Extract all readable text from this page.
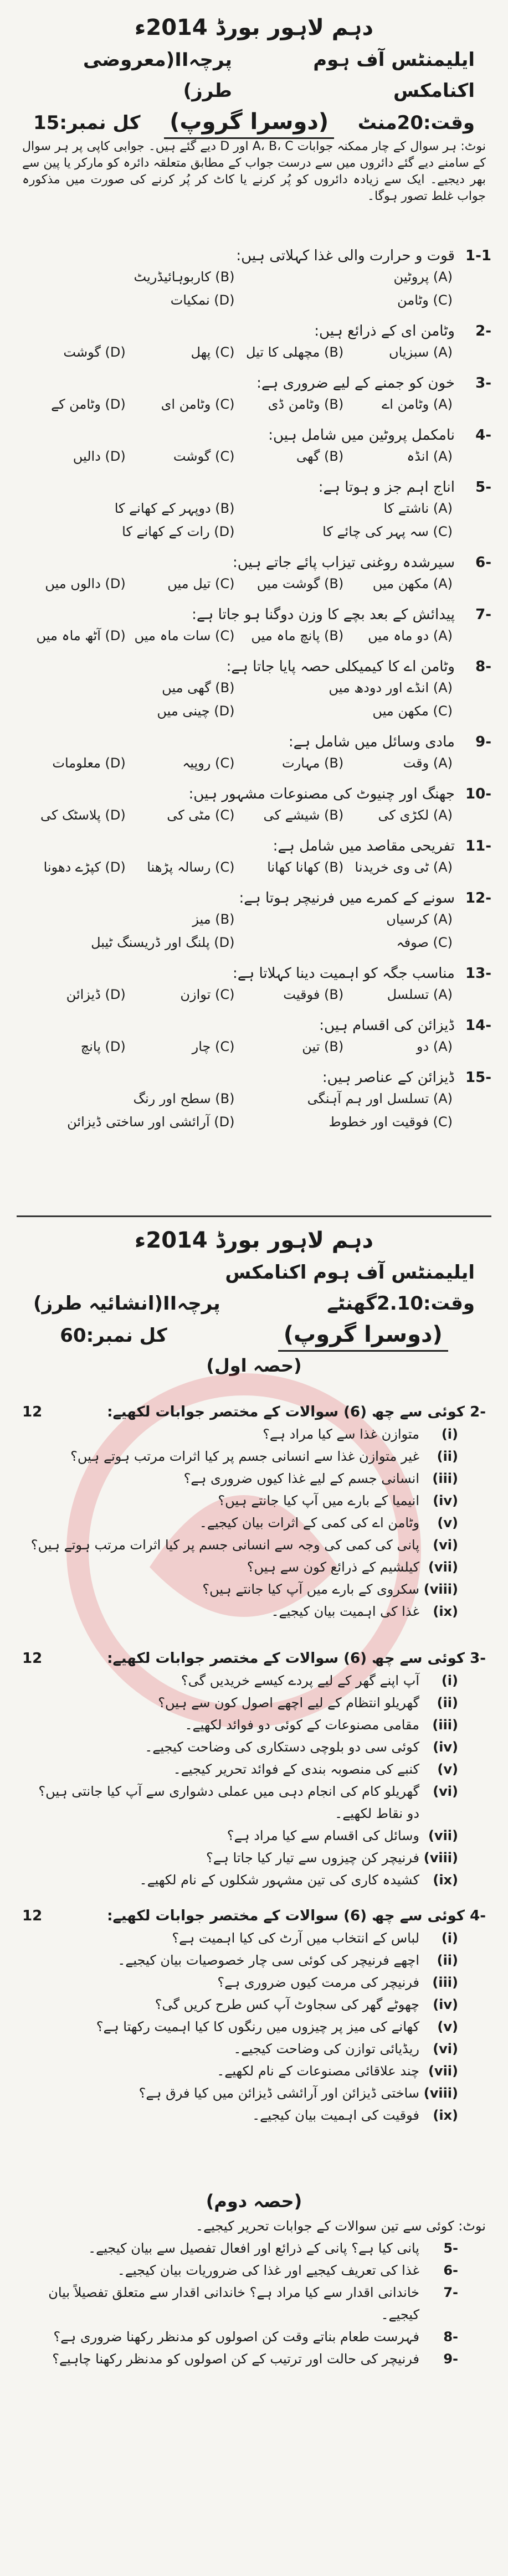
دہم لاہور بورڈ 2014ء
ایلیمنٹس آف ہوم اکنامکس
پرچہII(معروضی طرز)
وقت:20منٹ
(دوسرا گروپ)
کل نمبر:15
نوٹ: ہر سوال کے چار ممکنہ جوابات A، B، C اور D دیے گئے ہیں۔ جوابی کاپی پر ہر سوال کے سامنے دیے گئے دائروں میں سے درست جواب کے مطابق متعلقہ دائرہ کو مارکر یا پین سے بھر دیجیے۔ ایک سے زیادہ دائروں کو پُر کرنے یا کاٹ کر پُر کرنے کی صورت میں مذکورہ جواب غلط تصور ہوگا۔
1-1
قوت و حرارت والی غذا کہلاتی ہیں:
(A) پروٹین
(B) کاربوہائیڈریٹ
(C) وٹامن
(D) نمکیات
-2
وٹامن ای کے ذرائع ہیں:
(A) سبزیاں
(B) مچھلی کا تیل
(C) پھل
(D) گوشت
-3
خون کو جمنے کے لیے ضروری ہے:
(A) وٹامن اے
(B) وٹامن ڈی
(C) وٹامن ای
(D) وٹامن کے
-4
نامکمل پروٹین میں شامل ہیں:
(A) انڈہ
(B) گھی
(C) گوشت
(D) دالیں
-5
اناج اہم جز و ہوتا ہے:
(A) ناشتے کا
(B) دوپہر کے کھانے کا
(C) سہ پہر کی چائے کا
(D) رات کے کھانے کا
-6
سیرشدہ روغنی تیزاب پائے جاتے ہیں:
(A) مکھن میں
(B) گوشت میں
(C) تیل میں
(D) دالوں میں
-7
پیدائش کے بعد بچے کا وزن دوگنا ہو جاتا ہے:
(A) دو ماہ میں
(B) پانچ ماہ میں
(C) سات ماہ میں
(D) آٹھ ماہ میں
-8
وٹامن اے کا کیمیکلی حصہ پایا جاتا ہے:
(A) انڈے اور دودھ میں
(B) گھی میں
(C) مکھن میں
(D) چینی میں
-9
مادی وسائل میں شامل ہے:
(A) وقت
(B) مہارت
(C) روپیہ
(D) معلومات
-10
جھنگ اور چنیوٹ کی مصنوعات مشہور ہیں:
(A) لکڑی کی
(B) شیشے کی
(C) مٹی کی
(D) پلاسٹک کی
-11
تفریحی مقاصد میں شامل ہے:
(A) ٹی وی خریدنا
(B) کھانا کھانا
(C) رسالہ پڑھنا
(D) کپڑے دھونا
-12
سونے کے کمرے میں فرنیچر ہوتا ہے:
(A) کرسیاں
(B) میز
(C) صوفہ
(D) پلنگ اور ڈریسنگ ٹیبل
-13
مناسب جگہ کو اہمیت دینا کہلاتا ہے:
(A) تسلسل
(B) فوقیت
(C) توازن
(D) ڈیزائن
-14
ڈیزائن کی اقسام ہیں:
(A) دو
(B) تین
(C) چار
(D) پانچ
-15
ڈیزائن کے عناصر ہیں:
(A) تسلسل اور ہم آہنگی
(B) سطح اور رنگ
(C) فوقیت اور خطوط
(D) آرائشی اور ساختی ڈیزائن
دہم لاہور بورڈ 2014ء
ایلیمنٹس آف ہوم اکنامکس
وقت:2.10گھنٹے
پرچہII(انشائیہ طرز)
(دوسرا گروپ)
کل نمبر:60
(حصہ اول)
-2 کوئی سے چھ (6) سوالات کے مختصر جوابات لکھیے:
12
(i)
متوازن غذا سے کیا مراد ہے؟
(ii)
غیر متوازن غذا سے انسانی جسم پر کیا اثرات مرتب ہوتے ہیں؟
(iii)
انسانی جسم کے لیے غذا کیوں ضروری ہے؟
(iv)
انیمیا کے بارے میں آپ کیا جانتے ہیں؟
(v)
وٹامن اے کی کمی کے اثرات بیان کیجیے۔
(vi)
پانی کی کمی کی وجہ سے انسانی جسم پر کیا اثرات مرتب ہوتے ہیں؟
(vii)
کیلشیم کے ذرائع کون سے ہیں؟
(viii)
سکروی کے بارے میں آپ کیا جانتے ہیں؟
(ix)
غذا کی اہمیت بیان کیجیے۔
-3 کوئی سے چھ (6) سوالات کے مختصر جوابات لکھیے:
12
(i)
آپ اپنے گھر کے لیے پردے کیسے خریدیں گی؟
(ii)
گھریلو انتظام کے لیے اچھے اصول کون سے ہیں؟
(iii)
مقامی مصنوعات کے کوئی دو فوائد لکھیے۔
(iv)
کوئی سی دو بلوچی دستکاری کی وضاحت کیجیے۔
(v)
کنبے کی منصوبہ بندی کے فوائد تحریر کیجیے۔
(vi)
گھریلو کام کی انجام دہی میں عملی دشواری سے آپ کیا جانتی ہیں؟ دو نقاط لکھیے۔
(vii)
وسائل کی اقسام سے کیا مراد ہے؟
(viii)
فرنیچر کن چیزوں سے تیار کیا جاتا ہے؟
(ix)
کشیدہ کاری کی تین مشہور شکلوں کے نام لکھیے۔
-4 کوئی سے چھ (6) سوالات کے مختصر جوابات لکھیے:
12
(i)
لباس کے انتخاب میں آرٹ کی کیا اہمیت ہے؟
(ii)
اچھے فرنیچر کی کوئی سی چار خصوصیات بیان کیجیے۔
(iii)
فرنیچر کی مرمت کیوں ضروری ہے؟
(iv)
چھوٹے گھر کی سجاوٹ آپ کس طرح کریں گی؟
(v)
کھانے کی میز پر چیزوں میں رنگوں کا کیا اہمیت رکھتا ہے؟
(vi)
ریڈیائی توازن کی وضاحت کیجیے۔
(vii)
چند علاقائی مصنوعات کے نام لکھیے۔
(viii)
ساختی ڈیزائن اور آرائشی ڈیزائن میں کیا فرق ہے؟
(ix)
فوقیت کی اہمیت بیان کیجیے۔
(حصہ دوم)
نوٹ: کوئی سے تین سوالات کے جوابات تحریر کیجیے۔
-5
پانی کیا ہے؟ پانی کے ذرائع اور افعال تفصیل سے بیان کیجیے۔
-6
غذا کی تعریف کیجیے اور غذا کی ضروریات بیان کیجیے۔
-7
خاندانی اقدار سے کیا مراد ہے؟ خاندانی اقدار سے متعلق تفصیلاً بیان کیجیے۔
-8
فہرست طعام بناتے وقت کن اصولوں کو مدنظر رکھنا ضروری ہے؟
-9
فرنیچر کی حالت اور ترتیب کے کن اصولوں کو مدنظر رکھنا چاہیے؟
